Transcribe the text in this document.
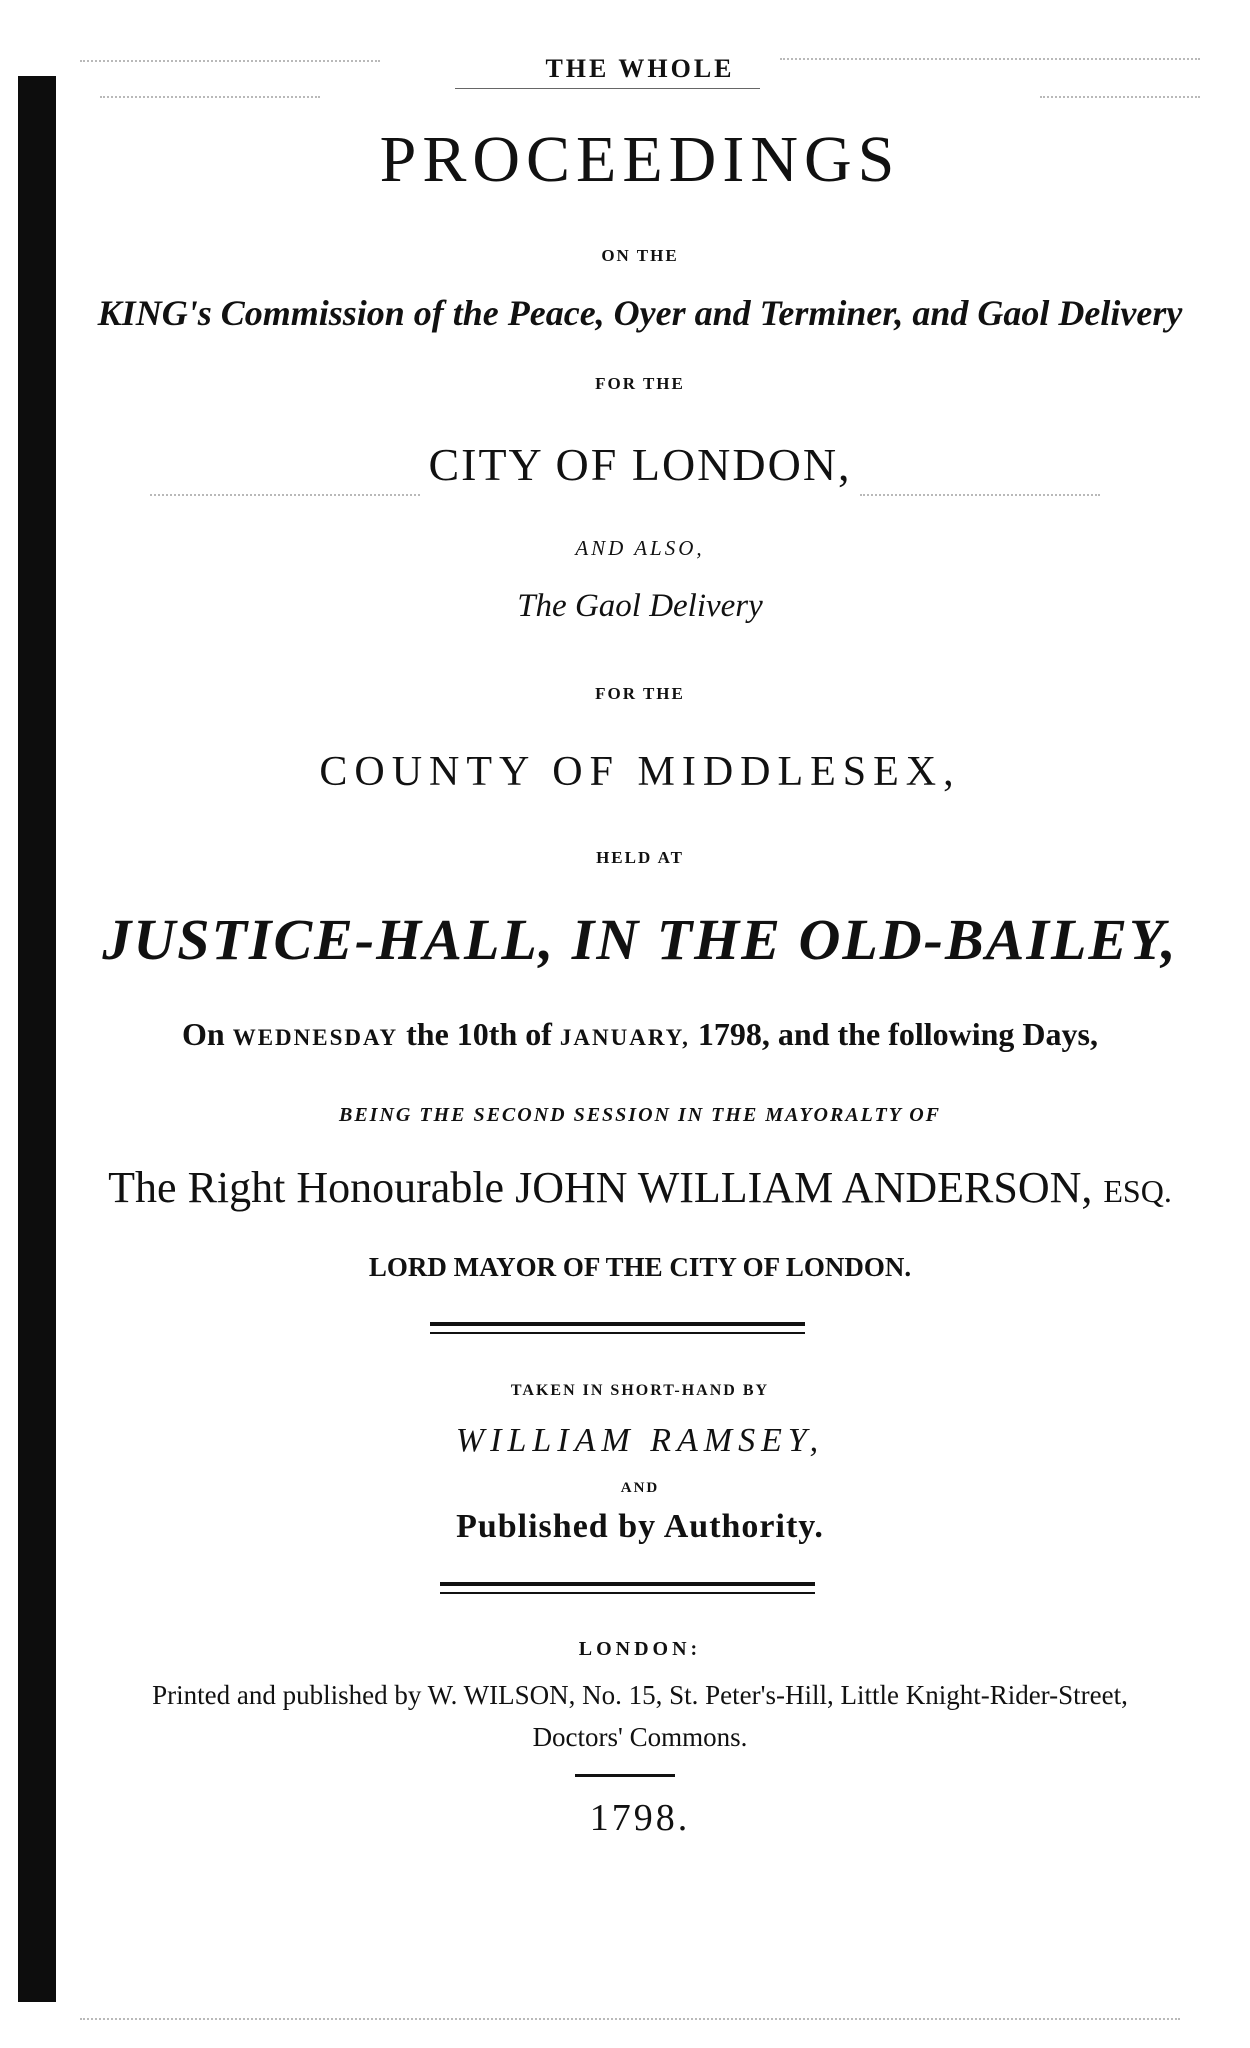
THE WHOLE
PROCEEDINGS
ON THE
KING's Commission of the Peace, Oyer and Terminer, and Gaol Delivery
FOR THE
CITY OF LONDON,
AND ALSO,
The Gaol Delivery
FOR THE
COUNTY OF MIDDLESEX,
HELD AT
JUSTICE-HALL, IN THE OLD-BAILEY,
On WEDNESDAY the 10th of JANUARY, 1798, and the following Days,
BEING THE SECOND SESSION IN THE MAYORALTY OF
The Right Honourable JOHN WILLIAM ANDERSON, ESQ.
LORD MAYOR OF THE CITY OF LONDON.
TAKEN IN SHORT-HAND BY
WILLIAM RAMSEY,
AND
Published by Authority.
LONDON:
Printed and published by W. WILSON, No. 15, St. Peter's-Hill, Little Knight-Rider-Street,
Doctors' Commons.
1798.
